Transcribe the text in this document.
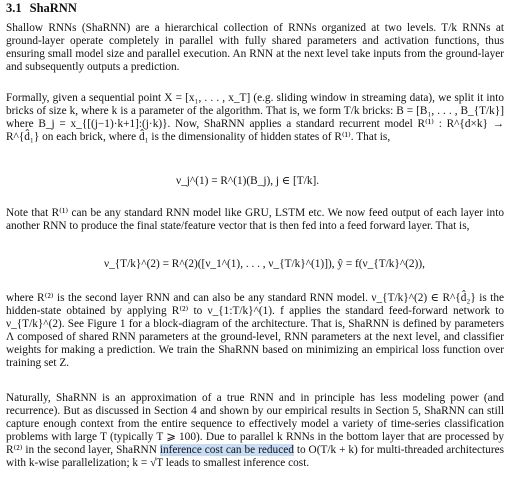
3.1 ShaRNN

Shallow RNNs (ShaRNN) are a hierarchical collection of RNNs organized at two levels. T/k RNNs at ground-layer operate completely in parallel with fully shared parameters and activation functions, thus ensuring small model size and parallel execution. An RNN at the next level take inputs from the ground-layer and subsequently outputs a prediction.

Formally, given a sequential point X = [x₁, . . . , x_T] (e.g. sliding window in streaming data), we split it into bricks of size k, where k is a parameter of the algorithm. That is, we form T/k bricks: B = [B₁, . . . , B_{T/k}] where B_j = x_{[(j−1)·k+1]:(j·k)}. Now, ShaRNN applies a standard recurrent model R⁽¹⁾ : R^{d×k} → R^{d̂₁} on each brick, where d̂₁ is the dimensionality of hidden states of R⁽¹⁾. That is,

ν_j^(1) = R^(1)(B_j), j ∈ [T/k].

Note that R⁽¹⁾ can be any standard RNN model like GRU, LSTM etc. We now feed output of each layer into another RNN to produce the final state/feature vector that is then fed into a feed forward layer. That is,

ν_{T/k}^(2) = R^(2)([ν_1^(1), . . . , ν_{T/k}^(1)]), ŷ = f(ν_{T/k}^(2)),

where R⁽²⁾ is the second layer RNN and can also be any standard RNN model. ν_{T/k}^(2) ∈ R^{d̂₂} is the hidden-state obtained by applying R⁽²⁾ to ν_{1:T/k}^(1). f applies the standard feed-forward network to ν_{T/k}^(2). See Figure 1 for a block-diagram of the architecture. That is, ShaRNN is defined by parameters Λ composed of shared RNN parameters at the ground-level, RNN parameters at the next level, and classifier weights for making a prediction. We train the ShaRNN based on minimizing an empirical loss function over training set Z.

Naturally, ShaRNN is an approximation of a true RNN and in principle has less modeling power (and recurrence). But as discussed in Section 4 and shown by our empirical results in Section 5, ShaRNN can still capture enough context from the entire sequence to effectively model a variety of time-series classification problems with large T (typically T ⩾ 100). Due to parallel k RNNs in the bottom layer that are processed by R⁽²⁾ in the second layer, ShaRNN inference cost can be reduced to O(T/k + k) for multi-threaded architectures with k-wise parallelization; k = √T leads to smallest inference cost.
